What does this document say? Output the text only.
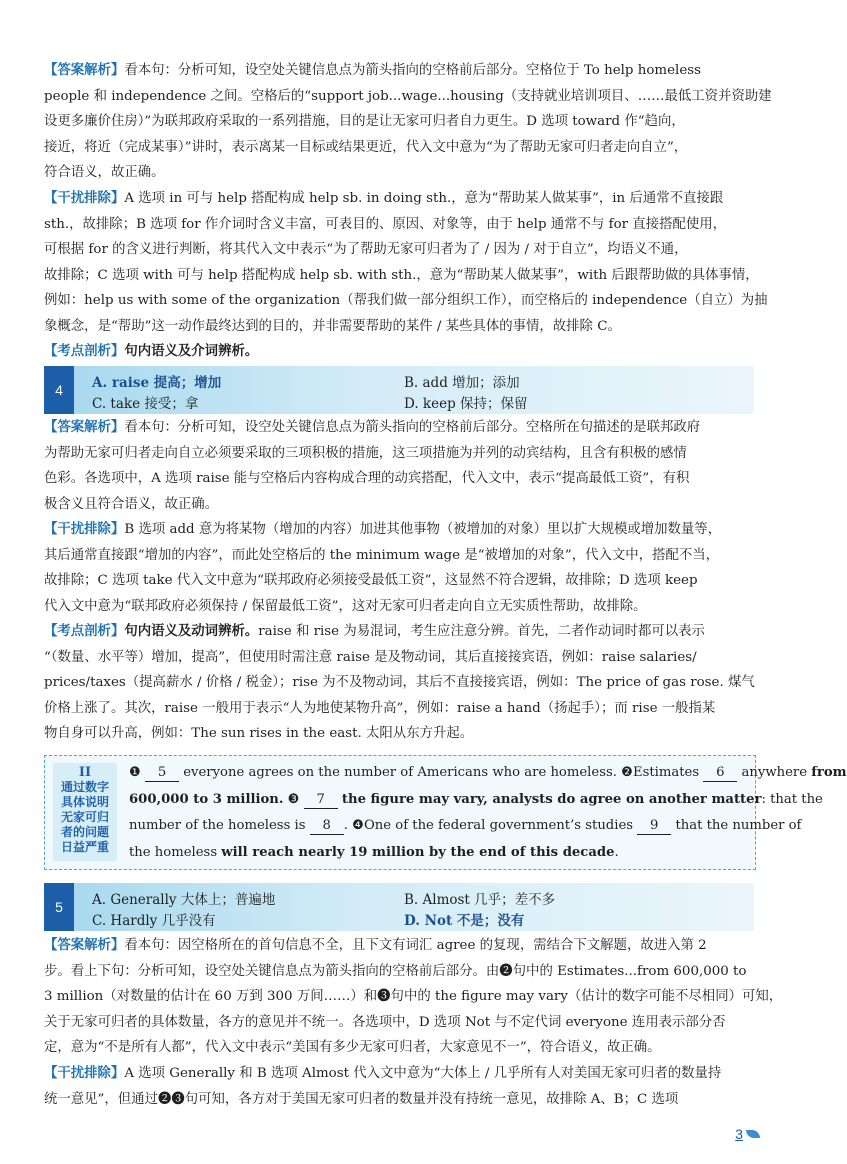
【答案解析】看本句：分析可知，设空处关键信息点为箭头指向的空格前后部分。空格位于 To help homeless
people 和 independence 之间。空格后的“support job...wage...housing（支持就业培训项目、……最低工资并资助建
设更多廉价住房）”为联邦政府采取的一系列措施，目的是让无家可归者自力更生。D 选项 toward 作“趋向，
接近，将近（完成某事）”讲时，表示离某一目标或结果更近，代入文中意为“为了帮助无家可归者走向自立”，
符合语义，故正确。
【干扰排除】A 选项 in 可与 help 搭配构成 help sb. in doing sth.，意为“帮助某人做某事”，in 后通常不直接跟
sth.，故排除；B 选项 for 作介词时含义丰富，可表目的、原因、对象等，由于 help 通常不与 for 直接搭配使用，
可根据 for 的含义进行判断，将其代入文中表示“为了帮助无家可归者为了 / 因为 / 对于自立”，均语义不通，
故排除；C 选项 with 可与 help 搭配构成 help sb. with sth.，意为“帮助某人做某事”，with 后跟帮助做的具体事情，
例如：help us with some of the organization（帮我们做一部分组织工作），而空格后的 independence（自立）为抽
象概念，是“帮助”这一动作最终达到的目的，并非需要帮助的某件 / 某些具体的事情，故排除 C。
【考点剖析】句内语义及介词辨析。
4	A. raise 提高；增加	B. add 增加；添加
C. take 接受；拿	D. keep 保持；保留
【答案解析】看本句：分析可知，设空处关键信息点为箭头指向的空格前后部分。空格所在句描述的是联邦政府
为帮助无家可归者走向自立必须要采取的三项积极的措施，这三项措施为并列的动宾结构，且含有积极的感情
色彩。各选项中，A 选项 raise 能与空格后内容构成合理的动宾搭配，代入文中，表示“提高最低工资”，有积
极含义且符合语义，故正确。
【干扰排除】B 选项 add 意为将某物（增加的内容）加进其他事物（被增加的对象）里以扩大规模或增加数量等，
其后通常直接跟“增加的内容”，而此处空格后的 the minimum wage 是“被增加的对象”，代入文中，搭配不当，
故排除；C 选项 take 代入文中意为“联邦政府必须接受最低工资”，这显然不符合逻辑，故排除；D 选项 keep
代入文中意为“联邦政府必须保持 / 保留最低工资”，这对无家可归者走向自立无实质性帮助，故排除。
【考点剖析】句内语义及动词辨析。raise 和 rise 为易混词，考生应注意分辨。首先，二者作动词时都可以表示
“（数量、水平等）增加，提高”，但使用时需注意 raise 是及物动词，其后直接接宾语，例如：raise salaries/
prices/taxes（提高薪水 / 价格 / 税金）；rise 为不及物动词，其后不直接接宾语，例如：The price of gas rose. 煤气
价格上涨了。其次，raise 一般用于表示“人为地使某物升高”，例如：raise a hand（扬起手）；而 rise 一般指某
物自身可以升高，例如：The sun rises in the east. 太阳从东方升起。
II
通过数字
具体说明
无家可归
者的问题
日益严重
❶ 5 everyone agrees on the number of Americans who are homeless. ❷Estimates 6 anywhere from
600,000 to 3 million. ❸ 7 the figure may vary, analysts do agree on another matter: that the
number of the homeless is 8 . ❹One of the federal government’s studies 9 that the number of
the homeless will reach nearly 19 million by the end of this decade.
5	A. Generally 大体上；普遍地	B. Almost 几乎；差不多
C. Hardly 几乎没有	D. Not 不是；没有
【答案解析】看本句：因空格所在的首句信息不全，且下文有词汇 agree 的复现，需结合下文解题，故进入第 2
步。看上下句：分析可知，设空处关键信息点为箭头指向的空格前后部分。由❷句中的 Estimates...from 600,000 to
3 million（对数量的估计在 60 万到 300 万间……）和❸句中的 the figure may vary（估计的数字可能不尽相同）可知，
关于无家可归者的具体数量，各方的意见并不统一。各选项中，D 选项 Not 与不定代词 everyone 连用表示部分否
定，意为“不是所有人都”，代入文中表示“美国有多少无家可归者，大家意见不一”，符合语义，故正确。
【干扰排除】A 选项 Generally 和 B 选项 Almost 代入文中意为“大体上 / 几乎所有人对美国无家可归者的数量持
统一意见”，但通过❷❸句可知，各方对于美国无家可归者的数量并没有持统一意见，故排除 A、B；C 选项
3
